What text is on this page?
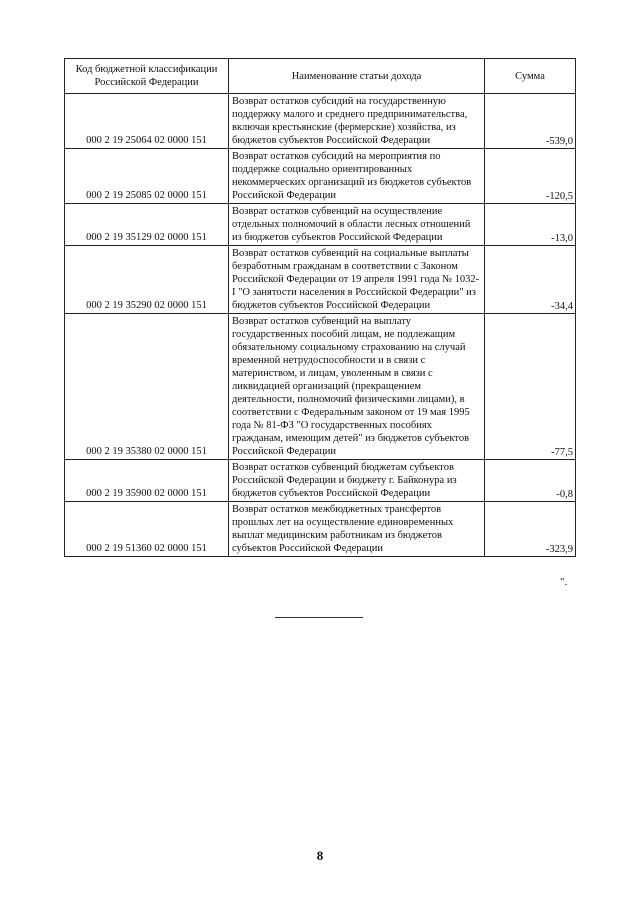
Код бюджетной классификации Российской Федерации	Наименование статьи дохода	Сумма
000 2 19 25064 02 0000 151	Возврат остатков субсидий на государственную поддержку малого и среднего предпринимательства, включая крестьянские (фермерские) хозяйства, из бюджетов субъектов Российской Федерации	-539,0
000 2 19 25085 02 0000 151	Возврат остатков субсидий на мероприятия по поддержке социально ориентированных некоммерческих организаций из бюджетов субъектов Российской Федерации	-120,5
000 2 19 35129 02 0000 151	Возврат остатков субвенций на осуществление отдельных полномочий в области лесных отношений из бюджетов субъектов Российской Федерации	-13,0
000 2 19 35290 02 0000 151	Возврат остатков субвенций на социальные выплаты безработным гражданам в соответствии с Законом Российской Федерации от 19 апреля 1991 года № 1032-I "О занятости населения в Российской Федерации" из бюджетов субъектов Российской Федерации	-34,4
000 2 19 35380 02 0000 151	Возврат остатков субвенций на выплату государственных пособий лицам, не подлежащим обязательному социальному страхованию на случай временной нетрудоспособности и в связи с материнством, и лицам, уволенным в связи с ликвидацией организаций (прекращением деятельности, полномочий физическими лицами), в соответствии с Федеральным законом от 19 мая 1995 года № 81-ФЗ "О государственных пособиях гражданам, имеющим детей" из бюджетов субъектов Российской Федерации	-77,5
000 2 19 35900 02 0000 151	Возврат остатков субвенций бюджетам субъектов Российской Федерации и бюджету г. Байконура из бюджетов субъектов Российской Федерации	-0,8
000 2 19 51360 02 0000 151	Возврат остатков межбюджетных трансфертов прошлых лет на осуществление единовременных выплат медицинским работникам из бюджетов субъектов Российской Федерации	-323,9
".
8
